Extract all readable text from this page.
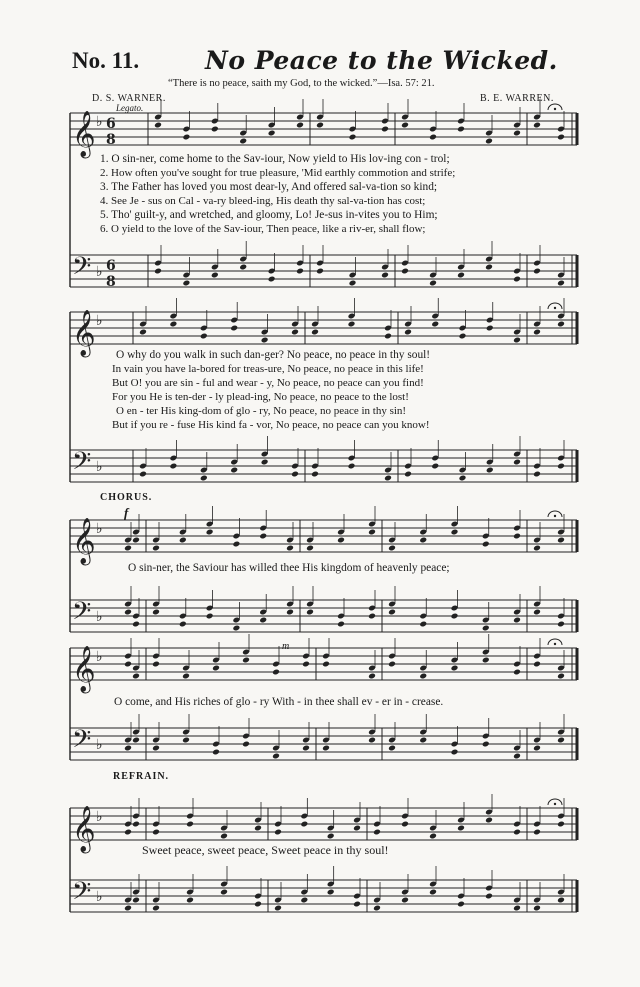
No. 11.	No Peace to the Wicked.
“There is no peace, saith my God, to the wicked.”—Isa. 57: 21.
D. S. WARNER.	B. E. WARREN.
Legato.
𝄞 ♭ 6
8
𝄢 ♭ 6
8
𝄞 ♭
𝄢 ♭
𝄞 ♭
𝄢 ♭
𝄞 ♭
𝄢 ♭
𝄞 ♭
𝄢 ♭
1. O sin-ner, come home to the Sav-iour, Now yield to His lov-ing con - trol;
2. How often you've sought for true pleasure, 'Mid earthly commotion and strife;
3. The Father has loved you most dear-ly, And offered sal-va-tion so kind;
4. See Je - sus on Cal - va-ry bleed-ing, His death thy sal-va-tion has cost;
5. Tho' guilt-y, and wretched, and gloomy, Lo! Je-sus in-vites you to Him;
6. O yield to the love of the Sav-iour, Then peace, like a riv-er, shall flow;
O why do you walk in such dan-ger? No peace, no peace in thy soul!
In vain you have la-bored for treas-ure, No peace, no peace in this life!
But O! you are sin - ful and wear - y, No peace, no peace can you find!
For you He is ten-der - ly plead-ing, No peace, no peace to the lost!
O en - ter His king-dom of glo - ry, No peace, no peace in thy sin!
But if you re - fuse His kind fa - vor, No peace, no peace can you know!
CHORUS.
f
O sin-ner, the Saviour has willed thee His kingdom of heavenly peace;
m
O come, and His riches of glo - ry With - in thee shall ev - er in - crease.
REFRAIN.
Sweet peace, sweet peace, Sweet peace in thy soul!
